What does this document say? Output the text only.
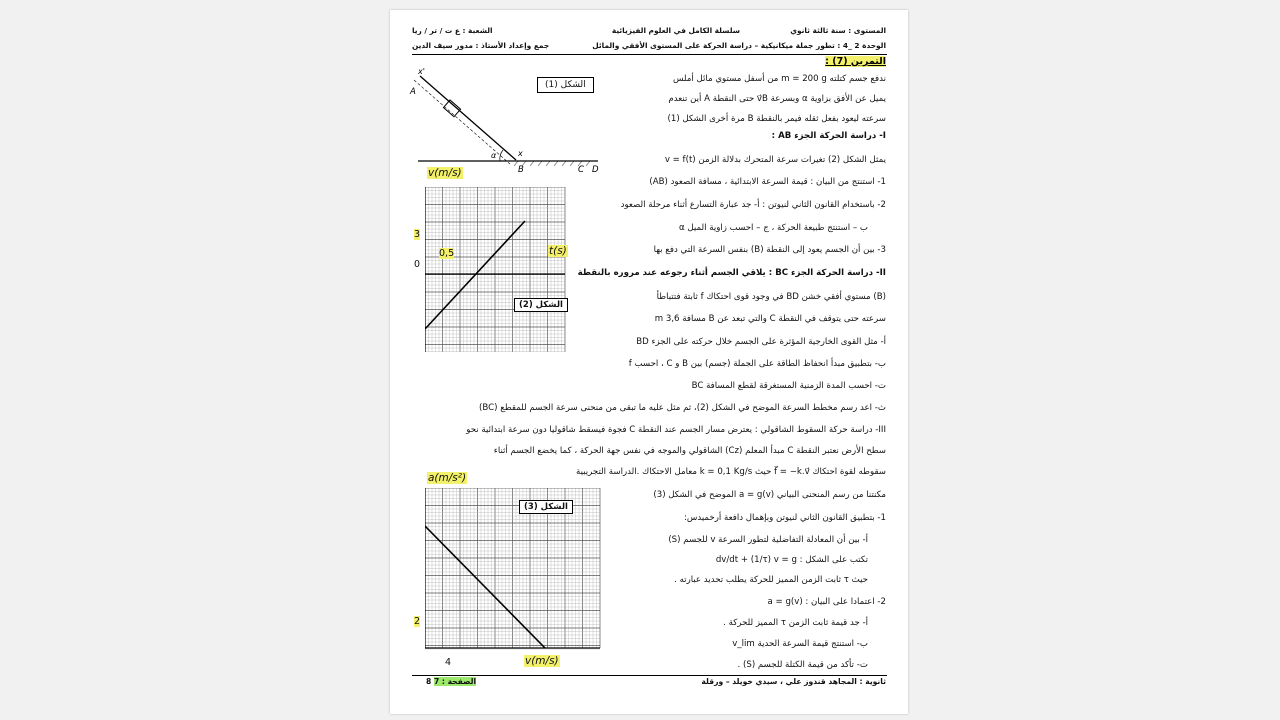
المستوى : سنة ثالثة ثانوي
سلسلة الكامل في العلوم الفيزيائية
الشعبة : ع ت / تر / ريا
الوحدة 2 _4 : تطور جملة ميكانيكية – دراسة الحركة على المستوى الأفقي والمائل
جمع وإعداد الأستاذ : مدور سيف الدين
التمرين (7) :
ندفع جسم كتلته m = 200 g من أسفل مستوي مائل أملس
يميل عن الأفق بزاوية α وبسرعة v⃗B حتى النقطة A أين تنعدم
سرعته ليعود بفعل ثقله فيمر بالنقطة B مرة أخرى الشكل (1)
x'
A
x
α
B	C D
الشكل (1)
I- دراسة الحركة الجزء AB :
يمثل الشكل (2) تغيرات سرعة المتحرك بدلالة الزمن v = f(t)
1- استنتج من البيان : قيمة السرعة الابتدائية ، مسافة الصعود (AB)
2- باستخدام القانون الثاني لنيوتن : أ- جد عبارة التسارع أثناء مرحلة الصعود
ب – استنتج طبيعة الحركة ، ج – احسب زاوية الميل α
3- بين أن الجسم يعود إلى النقطة (B) بنفس السرعة التي دفع بها
v(m/s)
3
0
0,5	t(s)
الشكل (2)
II- دراسة الحركة الجزء BC : يلاقي الجسم أثناء رجوعه عند مروره بالنقطة
(B) مستوي أفقي خشن BD في وجود قوى احتكاك f ثابتة فتتباطأ
سرعته حتى يتوقف في النقطة C والتي تبعد عن B مسافة 3,6 m
أ- مثل القوى الخارجية المؤثرة على الجسم خلال حركته على الجزء BD
ب- بتطبيق مبدأ انحفاظ الطاقة على الجملة (جسم) بين B و C ، احسب f
ت- احسب المدة الزمنية المستغرقة لقطع المسافة BC
ث- اعد رسم مخطط السرعة الموضح في الشكل (2)، ثم مثل عليه ما تبقى من منحنى سرعة الجسم للمقطع (BC)
III- دراسة حركة السقوط الشاقولي : يعترض مسار الجسم عند النقطة C فجوة فيسقط شاقوليا دون سرعة ابتدائية نحو
سطح الأرض نعتبر النقطة C مبدأ المعلم (Cz) الشاقولي والموجه في نفس جهة الحركة ، كما يخضع الجسم أثناء
سقوطه لقوة احتكاك f⃗ = −k.v⃗ حيث k = 0,1 Kg/s معامل الاحتكاك .الدراسة التجريبية
مكنتنا من رسم المنحنى البياني a = g(v) الموضح في الشكل (3)
1- بتطبيق القانون الثاني لنيوتن وبإهمال دافعة أرخميدس:
أ- بين أن المعادلة التفاضلية لتطور السرعة v للجسم (S)
تكتب على الشكل : dv/dt + (1/τ) v = g
حيث τ ثابت الزمن المميز للحركة يطلب تحديد عبارته .
2- اعتمادا على البيان : a = g(v)
أ- جد قيمة ثابت الزمن τ المميز للحركة .
ب- استنتج قيمة السرعة الحدية v_lim
ت- تأكد من قيمة الكتلة للجسم (S) .
a(m/s²)
2
4	v(m/s)
الشكل (3)
ثانوية : المجاهد قندوز علي ، سيدي خويلد – ورقلة
الصفحة : 7 8
